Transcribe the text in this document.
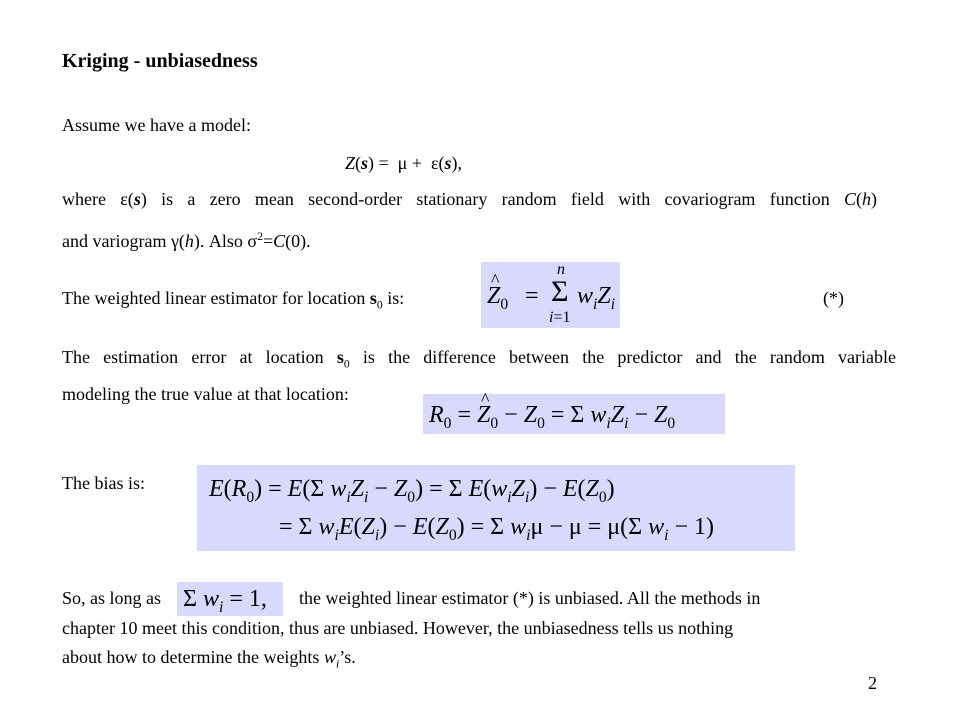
Kriging - unbiasedness
Assume we have a model:
Z(s) =  μ +  ε(s),
where ε(s) is a zero mean second-order stationary random field with covariogram function C(h)
and variogram γ(h). Also $\sigma^2=C(0)$.
The weighted linear estimator for location $s_0$ is:
^	$Z_0 = \Sigma$
n
i=1
$w_iZ_i$	(*)
The estimation error at location $s_0$ is the difference between the predictor and the random variable
modeling the true value at that location:
$R_0$ = ^ $Z_0 - Z_0 = \Sigma$ $w_iZ_i - Z_0$
The bias is:	$E(R_0) = E(\Sigma$ $w_iZ_i - Z_0) = \Sigma$ $E(w_iZ_i) - E(Z_0)$
= Σ $w_iE(Z_i) - E(Z_0) = \Sigma$ $w_i\mu - \mu = \mu(\Sigma$ $w_i - 1$)
So, as long as Σ $w_i = 1$, the weighted linear estimator (*) is unbiased. All the methods in
chapter 10 meet this condition, thus are unbiased. However, the unbiasedness tells us nothing
about how to determine the weights $w_i’s$.
2
